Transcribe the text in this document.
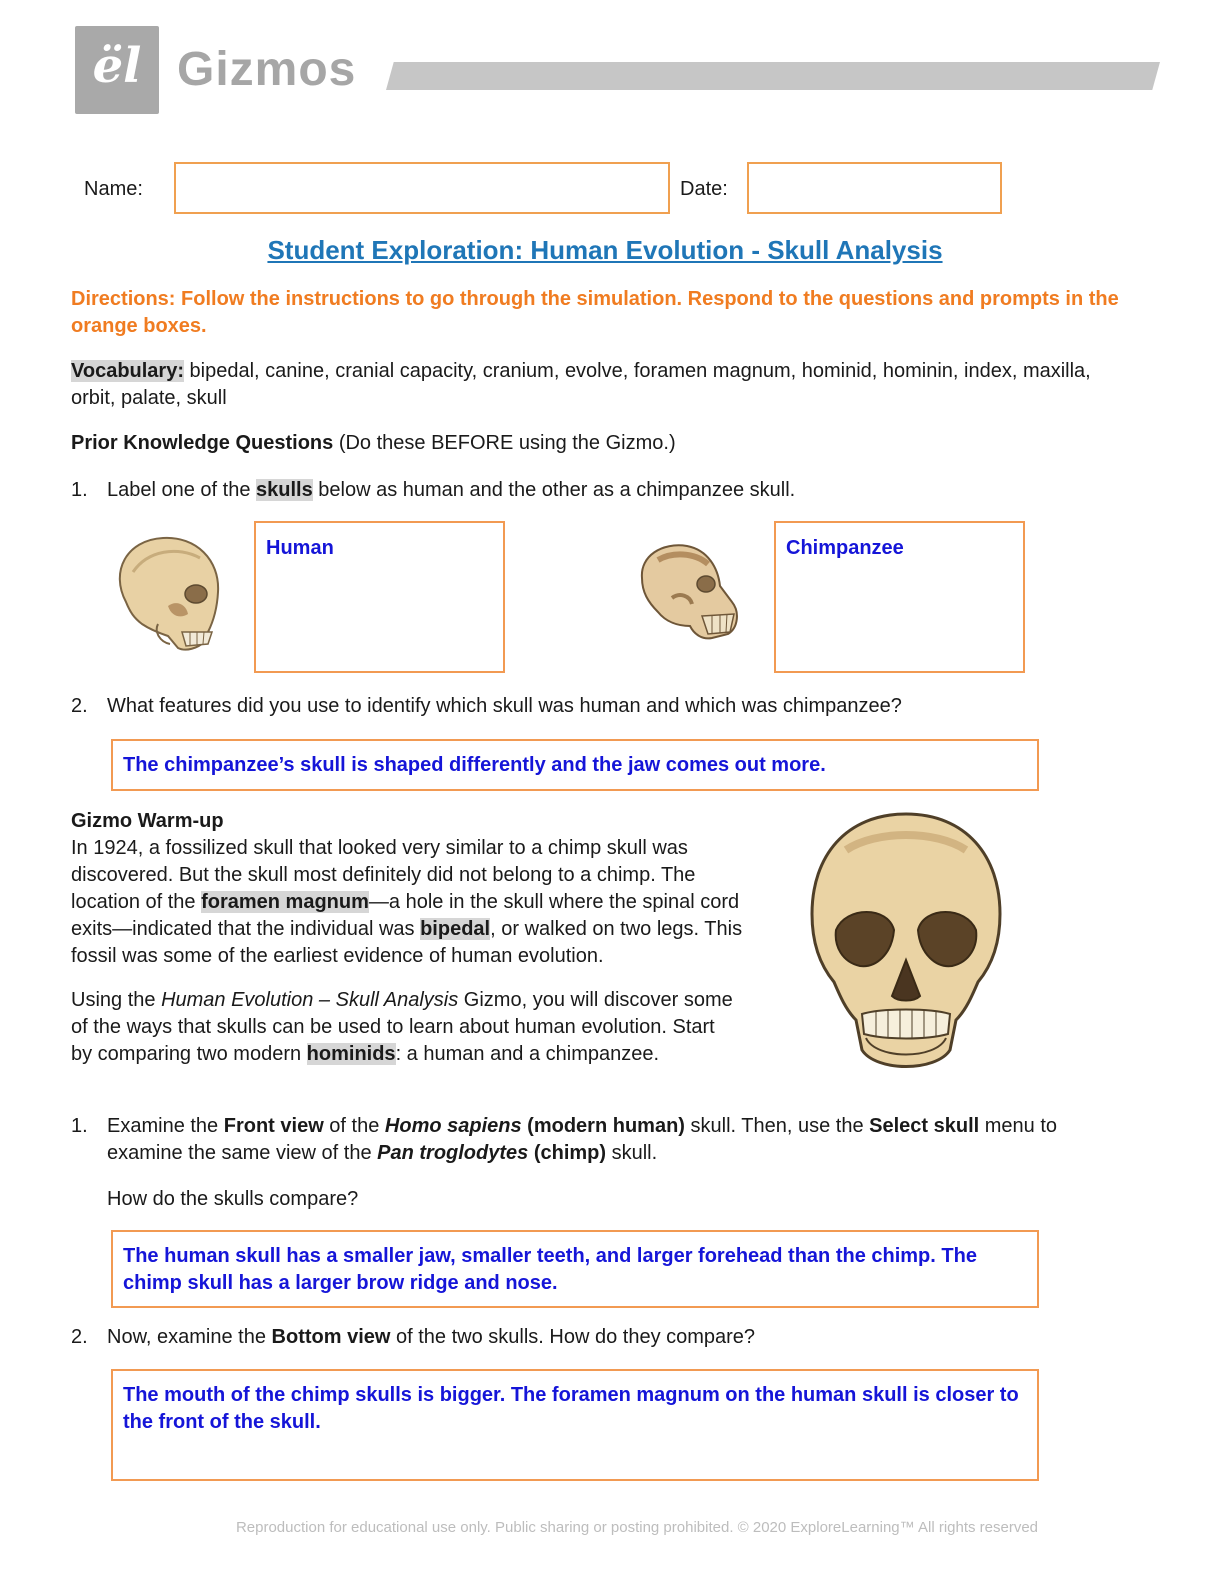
ël Gizmos
Name:	Date:
Student Exploration: Human Evolution - Skull Analysis
Directions: Follow the instructions to go through the simulation. Respond to the questions and prompts in the orange boxes.
Vocabulary: bipedal, canine, cranial capacity, cranium, evolve, foramen magnum, hominid, hominin, index, maxilla, orbit, palate, skull
Prior Knowledge Questions (Do these BEFORE using the Gizmo.)
1. Label one of the skulls below as human and the other as a chimpanzee skull.
Human	Chimpanzee
2. What features did you use to identify which skull was human and which was chimpanzee?
The chimpanzee’s skull is shaped differently and the jaw comes out more.
Gizmo Warm-up
In 1924, a fossilized skull that looked very similar to a chimp skull was discovered. But the skull most definitely did not belong to a chimp. The location of the foramen magnum—a hole in the skull where the spinal cord exits—indicated that the individual was bipedal, or walked on two legs. This fossil was some of the earliest evidence of human evolution.
Using the Human Evolution – Skull Analysis Gizmo, you will discover some of the ways that skulls can be used to learn about human evolution. Start by comparing two modern hominids: a human and a chimpanzee.
1. Examine the Front view of the Homo sapiens (modern human) skull. Then, use the Select skull menu to examine the same view of the Pan troglodytes (chimp) skull.
How do the skulls compare?
The human skull has a smaller jaw, smaller teeth, and larger forehead than the chimp. The chimp skull has a larger brow ridge and nose.
2. Now, examine the Bottom view of the two skulls. How do they compare?
The mouth of the chimp skulls is bigger. The foramen magnum on the human skull is closer to the front of the skull.
Reproduction for educational use only. Public sharing or posting prohibited. © 2020 ExploreLearning™ All rights reserved
